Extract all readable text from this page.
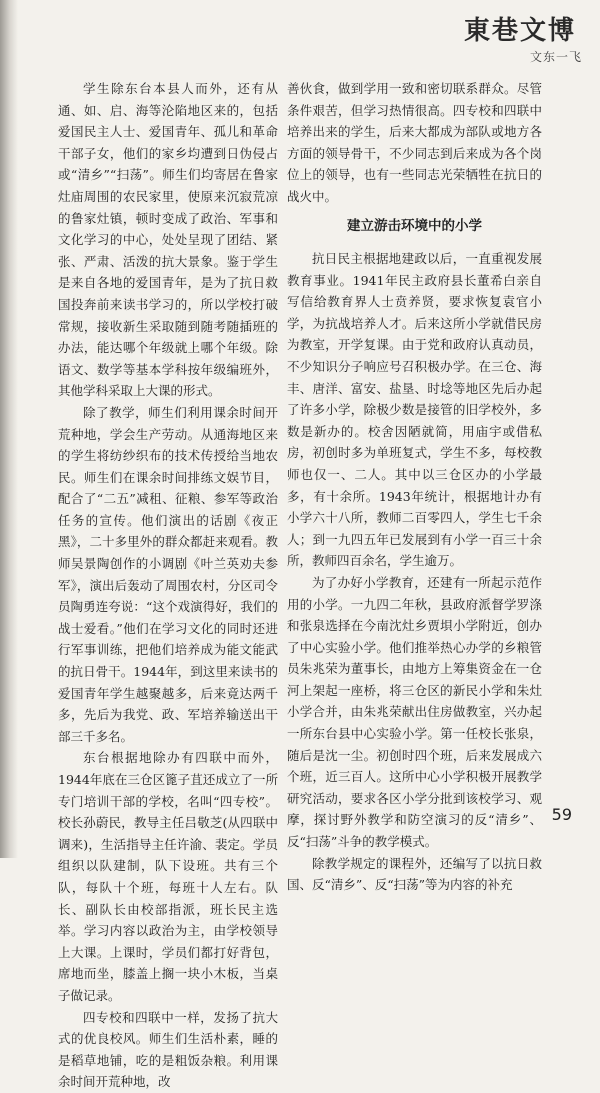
東巷文博
文东一飞

学生除东台本县人而外，还有从通、如、启、海等沦陷地区来的，包括爱国民主人士、爱国青年、孤儿和革命干部子女，他们的家乡均遭到日伪侵占或“清乡”“扫荡”。师生们均寄居在鲁家灶庙周围的农民家里，使原来沉寂荒凉的鲁家灶镇，顿时变成了政治、军事和文化学习的中心，处处呈现了团结、紧张、严肃、活泼的抗大景象。鉴于学生是来自各地的爱国青年，是为了抗日救国投奔前来读书学习的，所以学校打破常规，接收新生采取随到随考随插班的办法，能达哪个年级就上哪个年级。除语文、数学等基本学科按年级编班外，其他学科采取上大课的形式。

除了教学，师生们利用课余时间开荒种地，学会生产劳动。从通海地区来的学生将纺纱织布的技术传授给当地农民。师生们在课余时间排练文娱节目，配合了“二五”减租、征粮、参军等政治任务的宣传。他们演出的话剧《夜正黑》，二十多里外的群众都赶来观看。教师吴景陶创作的小调剧《叶兰英劝夫参军》，演出后轰动了周围农村，分区司令员陶勇连夸说：“这个戏演得好，我们的战士爱看。”他们在学习文化的同时还进行军事训练，把他们培养成为能文能武的抗日骨干。1944年，到这里来读书的爱国青年学生越聚越多，后来竟达两千多，先后为我党、政、军培养输送出干部三千多名。

东台根据地除办有四联中而外，1944年底在三仓区篦子苴还成立了一所专门培训干部的学校，名叫“四专校”。校长孙蔚民，教导主任吕敬芝(从四联中调来)，生活指导主任许渝、裴定。学员组织以队建制，队下设班。共有三个队，每队十个班，每班十人左右。队长、副队长由校部指派，班长民主选举。学习内容以政治为主，由学校领导上大课。上课时，学员们都打好背包，席地而坐，膝盖上搁一块小木板，当桌子做记录。

四专校和四联中一样，发扬了抗大式的优良校风。师生们生活朴素，睡的是稻草地铺，吃的是粗饭杂粮。利用课余时间开荒种地，改

善伙食，做到学用一致和密切联系群众。尽管条件艰苦，但学习热情很高。四专校和四联中培养出来的学生，后来大都成为部队或地方各方面的领导骨干，不少同志到后来成为各个岗位上的领导，也有一些同志光荣牺牲在抗日的战火中。

建立游击环境中的小学

抗日民主根据地建政以后，一直重视发展教育事业。1941年民主政府县长董希白亲自写信给教育界人士贲养贤，要求恢复袁官小学，为抗战培养人才。后来这所小学就借民房为教室，开学复课。由于党和政府认真动员，不少知识分子响应号召积极办学。在三仓、海丰、唐洋、富安、盐垦、时埝等地区先后办起了许多小学，除极少数是接管的旧学校外，多数是新办的。校舍因陋就简，用庙宇或借私房，初创时多为单班复式，学生不多，每校教师也仅一、二人。其中以三仓区办的小学最多，有十余所。1943年统计，根据地计办有小学六十八所，教师二百零四人，学生七千余人；到一九四五年已发展到有小学一百三十余所，教师四百余名，学生逾万。

为了办好小学教育，还建有一所起示范作用的小学。一九四二年秋，县政府派督学罗涤和张泉选择在今南沈灶乡贾垻小学附近，创办了中心实验小学。他们推举热心办学的乡粮管员朱兆荣为董事长，由地方上筹集资金在一仓河上架起一座桥，将三仓区的新民小学和朱灶小学合并，由朱兆荣献出住房做教室，兴办起一所东台县中心实验小学。第一任校长张泉，随后是沈一尘。初创时四个班，后来发展成六个班，近三百人。这所中心小学积极开展教学研究活动，要求各区小学分批到该校学习、观摩，探讨野外教学和防空演习的反“清乡”、反“扫荡”斗争的教学模式。

除教学规定的课程外，还编写了以抗日救国、反“清乡”、反“扫荡”等为内容的补充

59
